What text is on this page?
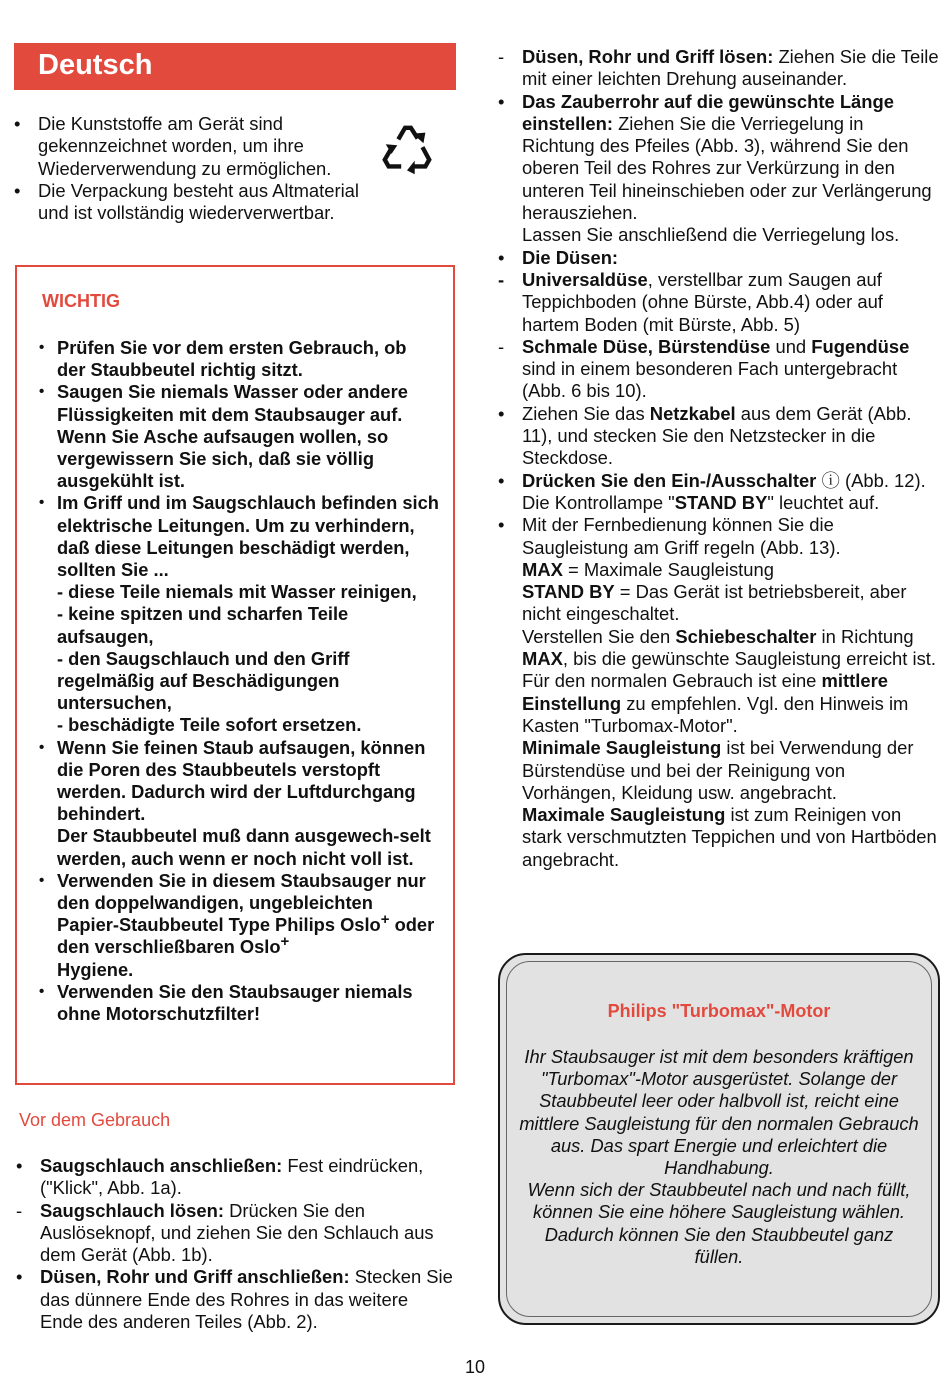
Deutsch
• Die Kunststoffe am Gerät sind gekennzeichnet worden, um ihre Wiederverwendung zu ermöglichen.
• Die Verpackung besteht aus Altmaterial und ist vollständig wiederverwertbar.
WICHTIG
• Prüfen Sie vor dem ersten Gebrauch, ob der Staubbeutel richtig sitzt.
• Saugen Sie niemals Wasser oder andere Flüssigkeiten mit dem Staubsauger auf. Wenn Sie Asche aufsaugen wollen, so vergewissern Sie sich, daß sie völlig ausgekühlt ist.
• Im Griff und im Saugschlauch befinden sich elektrische Leitungen. Um zu verhindern, daß diese Leitungen beschädigt werden, sollten Sie ...
- diese Teile niemals mit Wasser reinigen,
- keine spitzen und scharfen Teile aufsaugen,
- den Saugschlauch und den Griff regelmäßig auf Beschädigungen untersuchen,
- beschädigte Teile sofort ersetzen.
• Wenn Sie feinen Staub aufsaugen, können die Poren des Staubbeutels verstopft werden. Dadurch wird der Luftdurchgang behindert.
Der Staubbeutel muß dann ausgewech-selt werden, auch wenn er noch nicht voll ist.
• Verwenden Sie in diesem Staubsauger nur den doppelwandigen, ungebleichten Papier-Staubbeutel Type Philips Oslo+ oder den verschließbaren Oslo+
Hygiene.
• Verwenden Sie den Staubsauger niemals ohne Motorschutzfilter!
Vor dem Gebrauch
• Saugschlauch anschließen: Fest eindrücken, ("Klick", Abb. 1a).
- Saugschlauch lösen: Drücken Sie den Auslöseknopf, und ziehen Sie den Schlauch aus dem Gerät (Abb. 1b).
• Düsen, Rohr und Griff anschließen: Stecken Sie das dünnere Ende des Rohres in das weitere Ende des anderen Teiles (Abb. 2).
- Düsen, Rohr und Griff lösen: Ziehen Sie die Teile mit einer leichten Drehung auseinander.
• Das Zauberrohr auf die gewünschte Länge einstellen: Ziehen Sie die Verriegelung in Richtung des Pfeiles (Abb. 3), während Sie den oberen Teil des Rohres zur Verkürzung in den unteren Teil hineinschieben oder zur Verlängerung herausziehen.
Lassen Sie anschließend die Verriegelung los.
• Die Düsen:
- Universaldüse, verstellbar zum Saugen auf Teppichboden (ohne Bürste, Abb.4) oder auf hartem Boden (mit Bürste, Abb. 5)
- Schmale Düse, Bürstendüse und Fugendüse sind in einem besonderen Fach untergebracht (Abb. 6 bis 10).
• Ziehen Sie das Netzkabel aus dem Gerät (Abb. 11), und stecken Sie den Netzstecker in die Steckdose.
• Drücken Sie den Ein-/Ausschalter ⓘ (Abb. 12).
Die Kontrollampe "STAND BY" leuchtet auf.
• Mit der Fernbedienung können Sie die Saugleistung am Griff regeln (Abb. 13).
MAX = Maximale Saugleistung
STAND BY = Das Gerät ist betriebsbereit, aber nicht eingeschaltet.
Verstellen Sie den Schiebeschalter in Richtung MAX, bis die gewünschte Saugleistung erreicht ist.
Für den normalen Gebrauch ist eine mittlere Einstellung zu empfehlen. Vgl. den Hinweis im Kasten "Turbomax-Motor".
Minimale Saugleistung ist bei Verwendung der Bürstendüse und bei der Reinigung von Vorhängen, Kleidung usw. angebracht.
Maximale Saugleistung ist zum Reinigen von stark verschmutzten Teppichen und von Hartböden angebracht.
Philips "Turbomax"-Motor
Ihr Staubsauger ist mit dem besonders kräftigen "Turbomax"-Motor ausgerüstet. Solange der Staubbeutel leer oder halbvoll ist, reicht eine mittlere Saugleistung für den normalen Gebrauch aus. Das spart Energie und erleichtert die Handhabung.
Wenn sich der Staubbeutel nach und nach füllt, können Sie eine höhere Saugleistung wählen. Dadurch können Sie den Staubbeutel ganz füllen.
10
